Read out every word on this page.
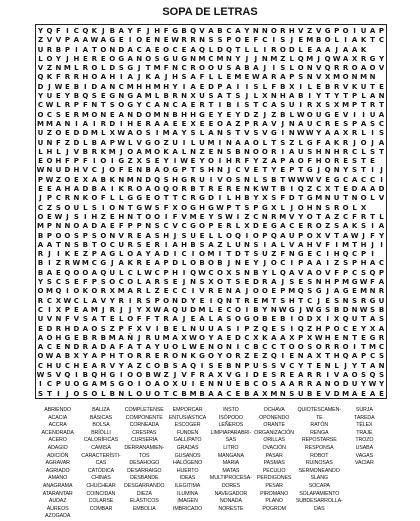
SOPA DE LETRAS
Y Q F I C Q K J B A Y F J H F G B Q V A B C A Y N N O R H V Z V G P O I U A P
Z V V P A A W A G E I O E N E W R R N S S P O E F C I S J E M B O L I A K T C
U R B P I A T O N D A C A E O C E A Q L D Q T L L I R O D L E A A J A A K
L O Y J H E R E O G A N O S G U G N M C M N Y J J N M Z L Q M J Q W A X R G Y
V Z N M L R O L D S G J T M F N C R O O U S A B A J I S L O N V Q R R O A O V
Q K F R R H O A H I A J K A J H S A F L L E M E W A R A P S N V X M O N M N
D J W E B I D A N C M H H M H Y I A E D P A I I S L F B X I L E B R V K U T E
Y U E Y B Q S E G N G A M L B R N X U S A T S J L X N H A B I Y T Y T P L A N
C W L R P F N T S O G Y C A N C A E R T I B I S T C A S U I R X S X M P T R T
O C S E R M O N E A N D O M N B H H G E Y E Y D Z J Z B L W O U G E V I I U A
M M A N I A I R D I H E R A A E E X E E O A Z P R A V J N A U C R E S P A S C
U Z O E D D M L X W A O S I M A Y S L A N S T V S V G I N W W Y A A X R L I S
U N F Z D L B A P W L V G O Z U I L U M I N A A O L T S Z L G F A K R J O J A
L H L J V B R K M J O A M O K A L N Z E N S B N O O R I A U S H N H R C L S T
E O H F P F I O I G Z X S E Y I W E Y O I H R F Y Z A P A O F H O R E S T E
W N U D H V C J O F E N B A O G P T S H N J C V E T Y E P T G J Q N Y S T I J
P W Z O E X A B K N M N D Q S H G R U I V O S N L S B T W W W V E G C A C C I
E E A H A D B A I K R O A O Q O R B T R E R E N K W T B I Q Z C X T E D A A D
J P C R N K O F L L G G E O T T C R G D I L H B Y X S F D T G M N U T N O L V
C Z S O U L S I O N T G W S F X O G H G W P T S P G X L J O H N S R O L X
O E W J S I H Z E H N T O O I F V M E Y S W I Z C N R M V Y O T A Z C F R T L
M P N N O A D A E F P P N S C V C G O P E R L X D E G A C E R O Z S A K S I A
B P O O S P S O N V R E A S H J S U E L L O Q I O P Q A U P O X V T A W J F Y
A A T N S B T O C U R S E R I A H B S A Z L U N S I A L V A H V F I M T H J I
R J I K E Z P A G L O A Y A D I C I O M I T D T S U Z F N G E C I H Q C P I
B I Z R W M C G J A K R E A P D L O B O B J N E Y J O C I P A A I Z S P H A C
B A E Q O O A Q U L C L W C P H I Q W C O X S N B Y L Q A V A O V F P C S Q P
Y S C S E F P S O C O L A R S E J N S X O T S E D R A J S E S N H P M G W F A
O M Q I O K O R X M A R L Z E C C I V R E N A J O O E P M Q S G J A G E M N R
R C X W C L A V Y R I R S P O N D Y E I Q N T R E M T S H T C J E S N S R G U
C I X P E A M J R J J Y X W A Q U D M L E C O I B Y N W G J W G S B D N W S B
U V N F V S A T E L O F F T R A J E A L A S O G O B E B I O D X I X Q U T A S
E D R H D A O S Z P F X V I B E L N U U A S I P Z Q E S I Q Z H P O C E Y X A
A O H G E B R B M A Ñ J R U M A X W O Y A E D C X K A A X P X W H E N T E G R
A C E N D R A D A F A T A Y U O L W E N O N I C B C C T O O S O R R O I T M C
O W A B X Y A P H T O R R E R O N K G O Y O R Z E Z Q I E N A X T H Q A P C S
C H U C H E A R V Y A Z C O B S A Q I S E B N P U S S V C Y T E N L J Y T A N
W S V Q I B Q H G I O O B W Z J V F R A X V G I D E S R E A R R I V A O S Q S
I C P U O G A M S G O I O A O X U I E N N U E B C O S A A R R A N O D U Y W Y
S T I J O S O L B N L O U O T C B M B A A C E B A X M N S U B E V D M A E A E
ABRIENDO
ACACIA
ACCRA
ACENDRADA
ACERO
ADAGIO
ADICIÓN
AGRAVAR
AGRIADO
AMANO
ANAGRAMA
ATARANTAR
AUDAZ
ÁUREOS
AZOGADA
BALIZA
BÁSICAS
BOLSA
BRÍÓLLI
CALORÍFICAS
CAMISA
CARACTERÍSTI-
CAS
CATÓDICA
CHINAS
CHUCHEAR
COINCIDAN
COLARSE
COMBAR
COMPLETENSE
COMPONENTE
CORNEADA
CRESPAS
CURSERÍA
DERRANAMIEN-
TOS
DESAHOGO
DESARRAIGO
DESBANDE
DESGARRANDO
DIEZA
ELÁSTICOS
EMBOLIA
EMPORCAR
ENTUSIÁSTICA
ESCOGER
FUNDEN
GALLIPATO
GRADAS
GUSANOS
HALÓGENO
HUERTO
IDEAS
ILEGITIMA
ILUMINA
IMAGEN
IMBRICADO
INSTO
ISÓPODO
LEÑEROS
LIMPIAPARABRI-
SAS
LITRO
MANGANA
MARIA
MATAS
MULTIPROCESA-
DORES
NAVEGADOR
NONADA
NORESTE
OCHAVA
OPONENDO
ORANTE
ORGANIZACIÓN
ORILLAS
OVACIÓN
PASAR
PASMAS
PECULIO
PERDIGONES
PESAR
PIROMANO
PLANO
POGROM
QUIOTESCAMEN-
TE
RATÓN
RENGA
REPOSTARSE
RESPONSA
ROBOT
RUINOSAS
SERMONEANDO
SLANG
SOCAPA
SOLAPAMIENTO
SUBDESARROLLA-
DAS
SURJA
TAREDA
TÉLEX
TRAJE
TROZO
USABA
VAGAS
VACIAR
